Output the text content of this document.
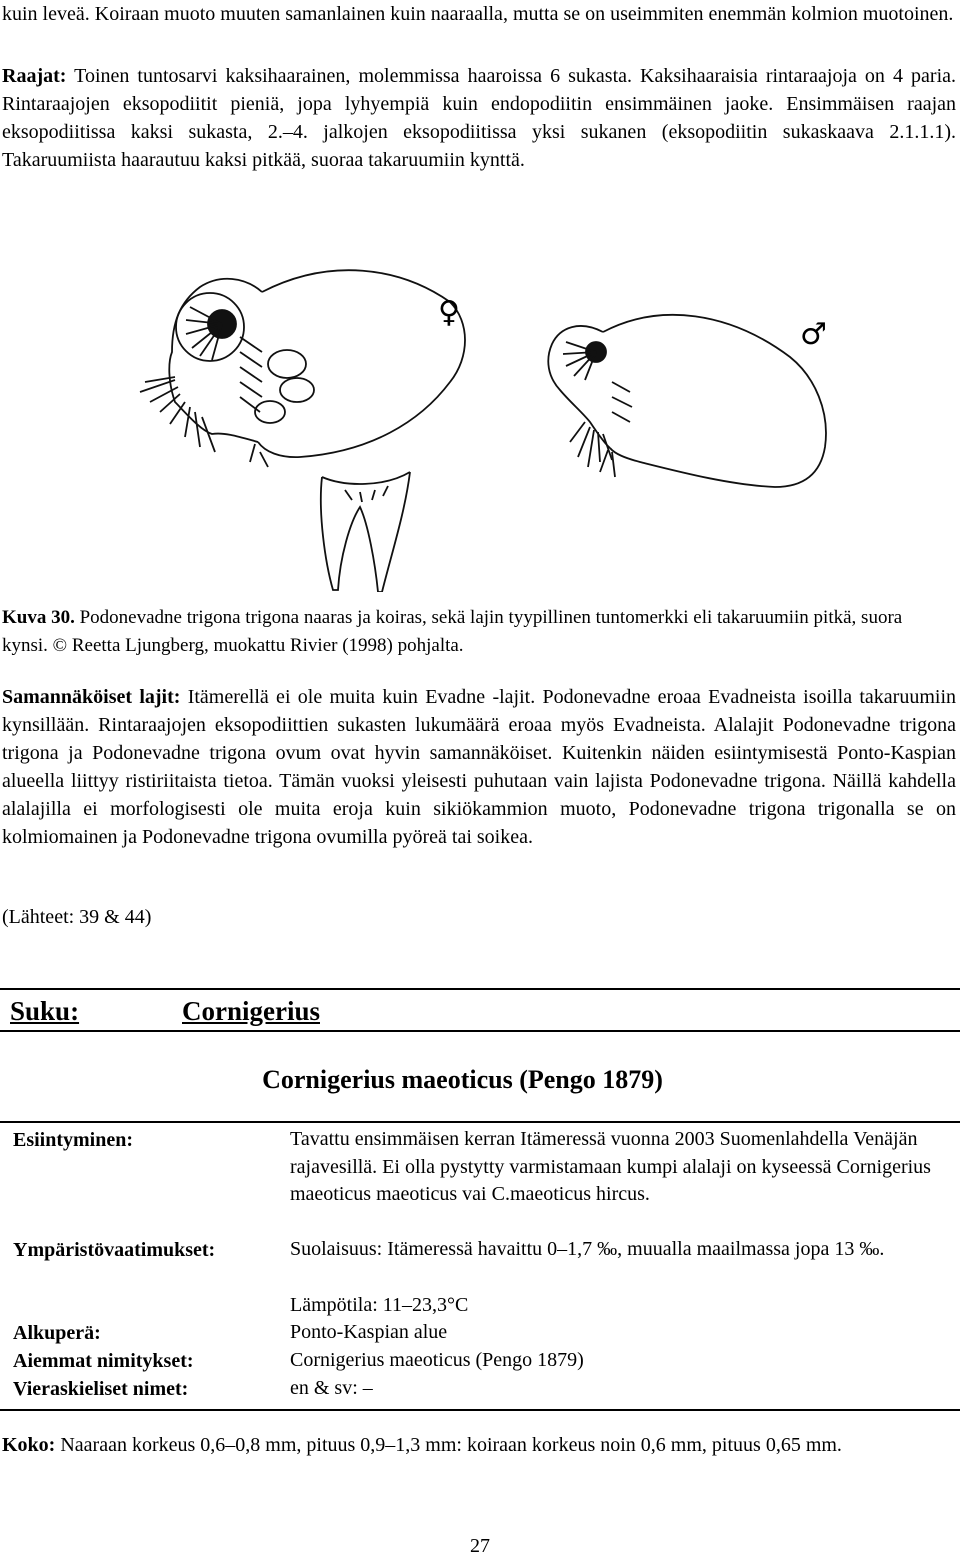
kuin leveä. Koiraan muoto muuten samanlainen kuin naaraalla, mutta se on useimmiten enemmän kolmion muotoinen.

Raajat: Toinen tuntosarvi kaksihaarainen, molemmissa haaroissa 6 sukasta. Kaksihaaraisia rintaraajoja on 4 paria. Rintaraajojen eksopodiitit pieniä, jopa lyhyempiä kuin endopodiitin ensimmäinen jaoke. Ensimmäisen raajan eksopodiitissa kaksi sukasta, 2.–4. jalkojen eksopodiitissa yksi sukanen (eksopodiitin sukaskaava 2.1.1.1). Takaruumiista haarautuu kaksi pitkää, suoraa takaruumiin kynttä.

♀
♂

Kuva 30. Podonevadne trigona trigona naaras ja koiras, sekä lajin tyypillinen tuntomerkki eli takaruumiin pitkä, suora kynsi. © Reetta Ljungberg, muokattu Rivier (1998) pohjalta.

Samannäköiset lajit: Itämerellä ei ole muita kuin Evadne -lajit. Podonevadne eroaa Evadneista isoilla takaruumiin kynsillään. Rintaraajojen eksopodiittien sukasten lukumäärä eroaa myös Evadneista. Alalajit Podonevadne trigona trigona ja Podonevadne trigona ovum ovat hyvin samannäköiset. Kuitenkin näiden esiintymisestä Ponto-Kaspian alueella liittyy ristiriitaista tietoa. Tämän vuoksi yleisesti puhutaan vain lajista Podonevadne trigona. Näillä kahdella alalajilla ei morfologisesti ole muita eroja kuin sikiökammion muoto, Podonevadne trigona trigonalla se on kolmiomainen ja Podonevadne trigona ovumilla pyöreä tai soikea.

(Lähteet: 39 & 44)

Suku:	Cornigerius
Cornigerius maeoticus (Pengo 1879)
Esiintyminen:	Tavattu ensimmäisen kerran Itämeressä vuonna 2003 Suomenlahdella Venäjän rajavesillä. Ei olla pystytty varmistamaan kumpi alalaji on kyseessä Cornigerius maeoticus maeoticus vai C.maeoticus hircus.
Ympäristövaatimukset:	Suolaisuus: Itämeressä havaittu 0–1,7 ‰, muualla maailmassa jopa 13 ‰.
Lämpötila: 11–23,3°C
Alkuperä:	Ponto-Kaspian alue
Aiemmat nimitykset:	Cornigerius maeoticus (Pengo 1879)
Vieraskieliset nimet:	en & sv: –

Koko: Naaraan korkeus 0,6–0,8 mm, pituus 0,9–1,3 mm: koiraan korkeus noin 0,6 mm, pituus 0,65 mm.

27
